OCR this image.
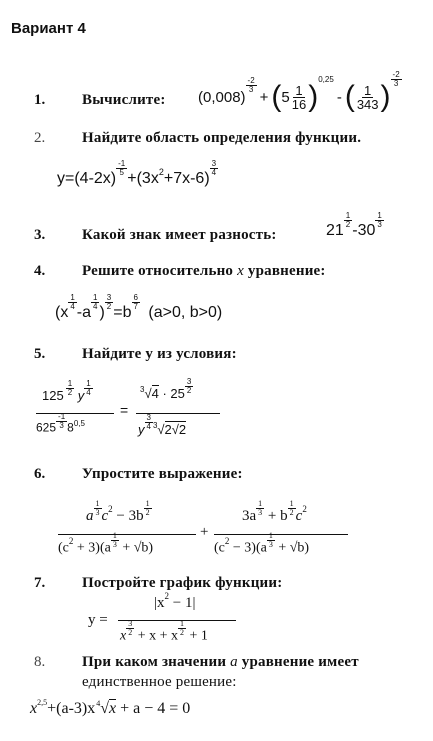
Вариант 4
1. Вычислите: (0,008)
$\frac{-2}{3}$
+ ( $5 \frac{1}{16}$ )
0,25
- ( $\frac{1}{343}$ )
$\frac{-2}{3}$
2. Найдите область определения функции.
y=(4-2x)
$\frac{-1}{5}$
$+(3x^2+7x-6)$
$\frac{3}{4}$
3. Какой знак имеет разность:	21
$\frac{1}{2}$
-30
$\frac{1}{3}$
4. Решите относительно x уравнение:
(x
$\frac{1}{4}$
-a
$\frac{1}{4}$
)
$\frac{3}{2}$
=b
$\frac{6}{7}$
(a>0, b>0)
5. Найдите у из условия:
$125 \frac{1}{2}$ y $\frac{1}{4}$
$625 \frac{-1}{3} 8^{0,5}$
=
$^3√4 \cdot 25 \frac{3}{2}$
y $\frac{3}{4} ^3√2√2$
6. Упростите выражение:
a $\frac{1}{3} c^2 - 3b \frac{1}{2}$
$(c^2 + 3)(a \frac{1}{3} + √b)$
+
$3a \frac{1}{3} + b \frac{1}{2} c^2$
$(c^2 - 3)(a \frac{1}{3} + √b)$
7. Постройте график функции:
y =
$|x^2 - 1|$
x $\frac{3}{2} + x + x \frac{1}{2} + 1$
8. При каком значении a уравнение имеет
единственное решение:
$x^{2,5}+(a-3)x^4√x + a - 4 = 0$
